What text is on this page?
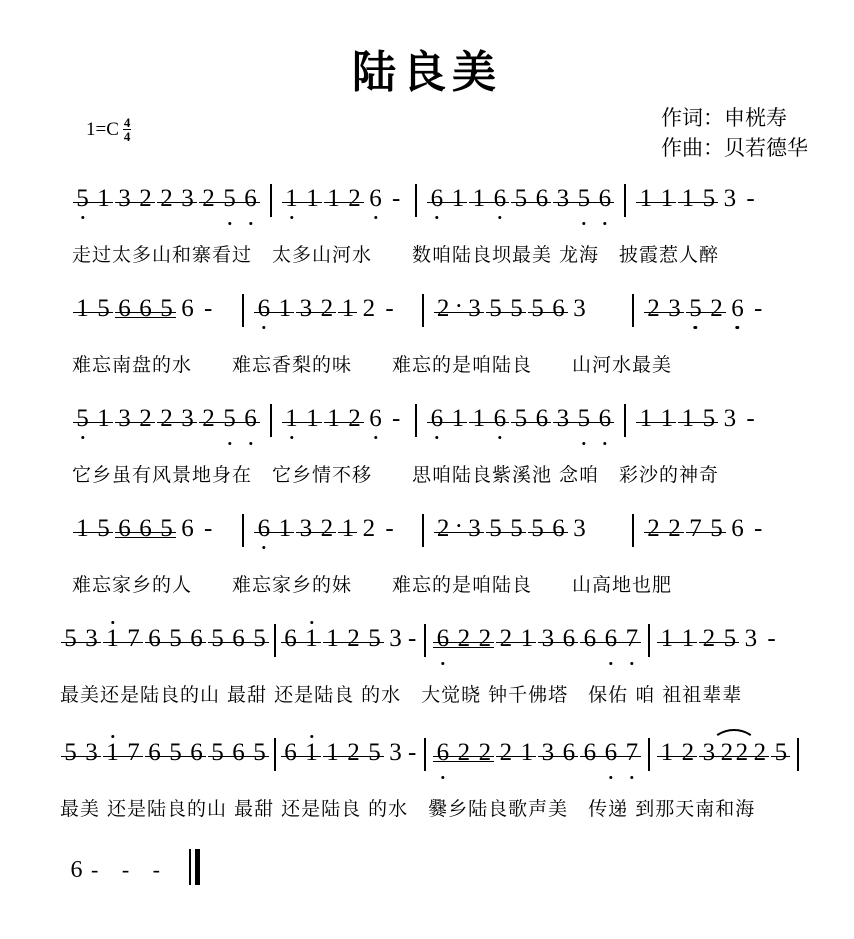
陆良美
作词：申桄寿
作曲：贝若德华
$1=C \frac{4}{4}$
5 1 3 2 2 3 2 5 6 1 1 1 2 6 - 6 1 1 6 5 6 3 5 6 1 1 1 5 3 -
走过太多山和寨看过　太多山河水　　数咱陆良坝最美 龙海　披霞惹人醉
1 5 6 6 5 6 - 6 1 3 2 1 2 - 2 · 3 5 5 5 6 3 2 3 5 2 6 -
难忘南盘的水　　难忘香梨的味　　难忘的是咱陆良　　山河水最美
5 1 3 2 2 3 2 5 6 1 1 1 2 6 - 6 1 1 6 5 6 3 5 6 1 1 1 5 3 -
它乡虽有风景地身在　它乡情不移　　思咱陆良紫溪池 念咱　彩沙的神奇
1 5 6 6 5 6 - 6 1 3 2 1 2 - 2 · 3 5 5 5 6 3 2 2 7 5 6 -
难忘家乡的人　　难忘家乡的妹　　难忘的是咱陆良　　山高地也肥
5 3 1 7 6 5 6 5 6 5 6 1 1 2 5 3 - 6 2 2 2 1 3 6 6 6 7 1 1 2 5 3 -
最美还是陆良的山 最甜 还是陆良 的水　大觉晓 钟千佛塔　保佑 咱 祖祖辈辈
5 3 1 7 6 5 6 5 6 5 6 1 1 2 5 3 - 6 2 2 2 1 3 6 6 6 7 1 2 3 2 2 2 5
最美 还是陆良的山 最甜 还是陆良 的水　爨乡陆良歌声美　传递 到那天南和海
6 - - -
